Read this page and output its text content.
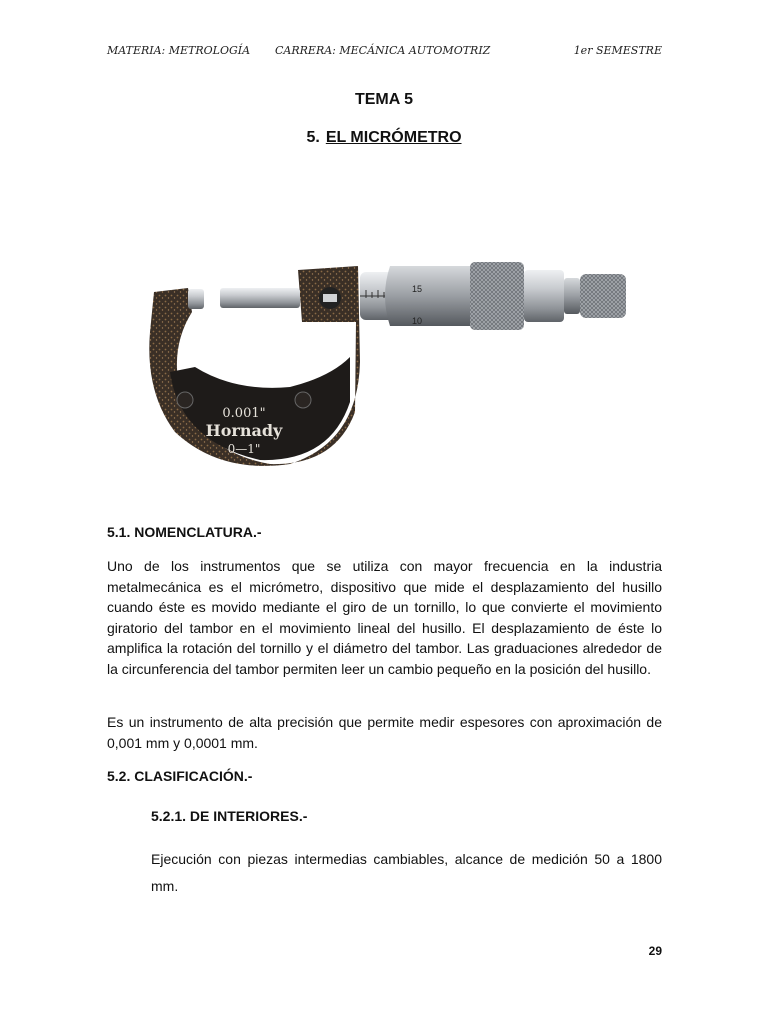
MATERIA: METROLOGÍA CARRERA: MECÁNICA AUTOMOTRIZ	1er SEMESTRE
TEMA 5
5. EL MICRÓMETRO
15
10
0.001"
Hornady
0—1"
5.1. NOMENCLATURA.-
Uno de los instrumentos que se utiliza con mayor frecuencia en la industria metalmecánica es el micrómetro, dispositivo que mide el desplazamiento del husillo cuando éste es movido mediante el giro de un tornillo, lo que convierte el movimiento giratorio del tambor en el movimiento lineal del husillo. El desplazamiento de éste lo amplifica la rotación del tornillo y el diámetro del tambor. Las graduaciones alrededor de la circunferencia del tambor permiten leer un cambio pequeño en la posición del husillo.
Es un instrumento de alta precisión que permite medir espesores con aproximación de 0,001 mm y 0,0001 mm.
5.2. CLASIFICACIÓN.-
5.2.1. DE INTERIORES.-
Ejecución con piezas intermedias cambiables, alcance de medición 50 a 1800 mm.
29
